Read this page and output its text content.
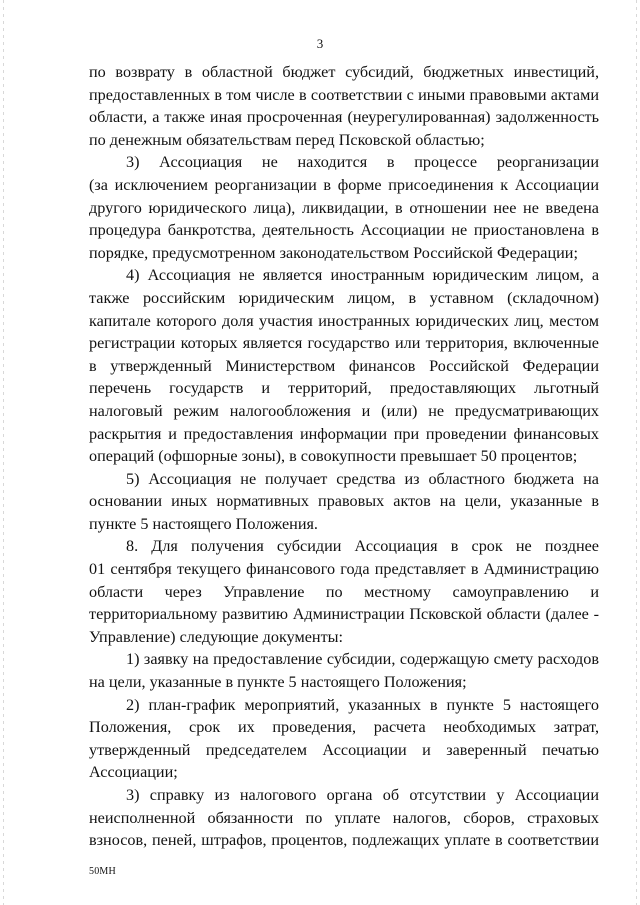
3
по возврату в областной бюджет субсидий, бюджетных инвестиций,
предоставленных в том числе в соответствии с иными правовыми актами
области, а также иная просроченная (неурегулированная) задолженность
по денежным обязательствам перед Псковской областью;
3) Ассоциация не находится в процессе реорганизации
(за исключением реорганизации в форме присоединения к Ассоциации
другого юридического лица), ликвидации, в отношении нее не введена
процедура банкротства, деятельность Ассоциации не приостановлена в
порядке, предусмотренном законодательством Российской Федерации;
4) Ассоциация не является иностранным юридическим лицом, а
также российским юридическим лицом, в уставном (складочном)
капитале которого доля участия иностранных юридических лиц, местом
регистрации которых является государство или территория, включенные
в утвержденный Министерством финансов Российской Федерации
перечень государств и территорий, предоставляющих льготный
налоговый режим налогообложения и (или) не предусматривающих
раскрытия и предоставления информации при проведении финансовых
операций (офшорные зоны), в совокупности превышает 50 процентов;
5) Ассоциация не получает средства из областного бюджета на
основании иных нормативных правовых актов на цели, указанные в
пункте 5 настоящего Положения.
8. Для получения субсидии Ассоциация в срок не позднее
01 сентября текущего финансового года представляет в Администрацию
области через Управление по местному самоуправлению и
территориальному развитию Администрации Псковской области (далее -
Управление) следующие документы:
1) заявку на предоставление субсидии, содержащую смету расходов
на цели, указанные в пункте 5 настоящего Положения;
2) план-график мероприятий, указанных в пункте 5 настоящего
Положения, срок их проведения, расчета необходимых затрат,
утвержденный председателем Ассоциации и заверенный печатью
Ассоциации;
3) справку из налогового органа об отсутствии у Ассоциации
неисполненной обязанности по уплате налогов, сборов, страховых
взносов, пеней, штрафов, процентов, подлежащих уплате в соответствии
50МН
